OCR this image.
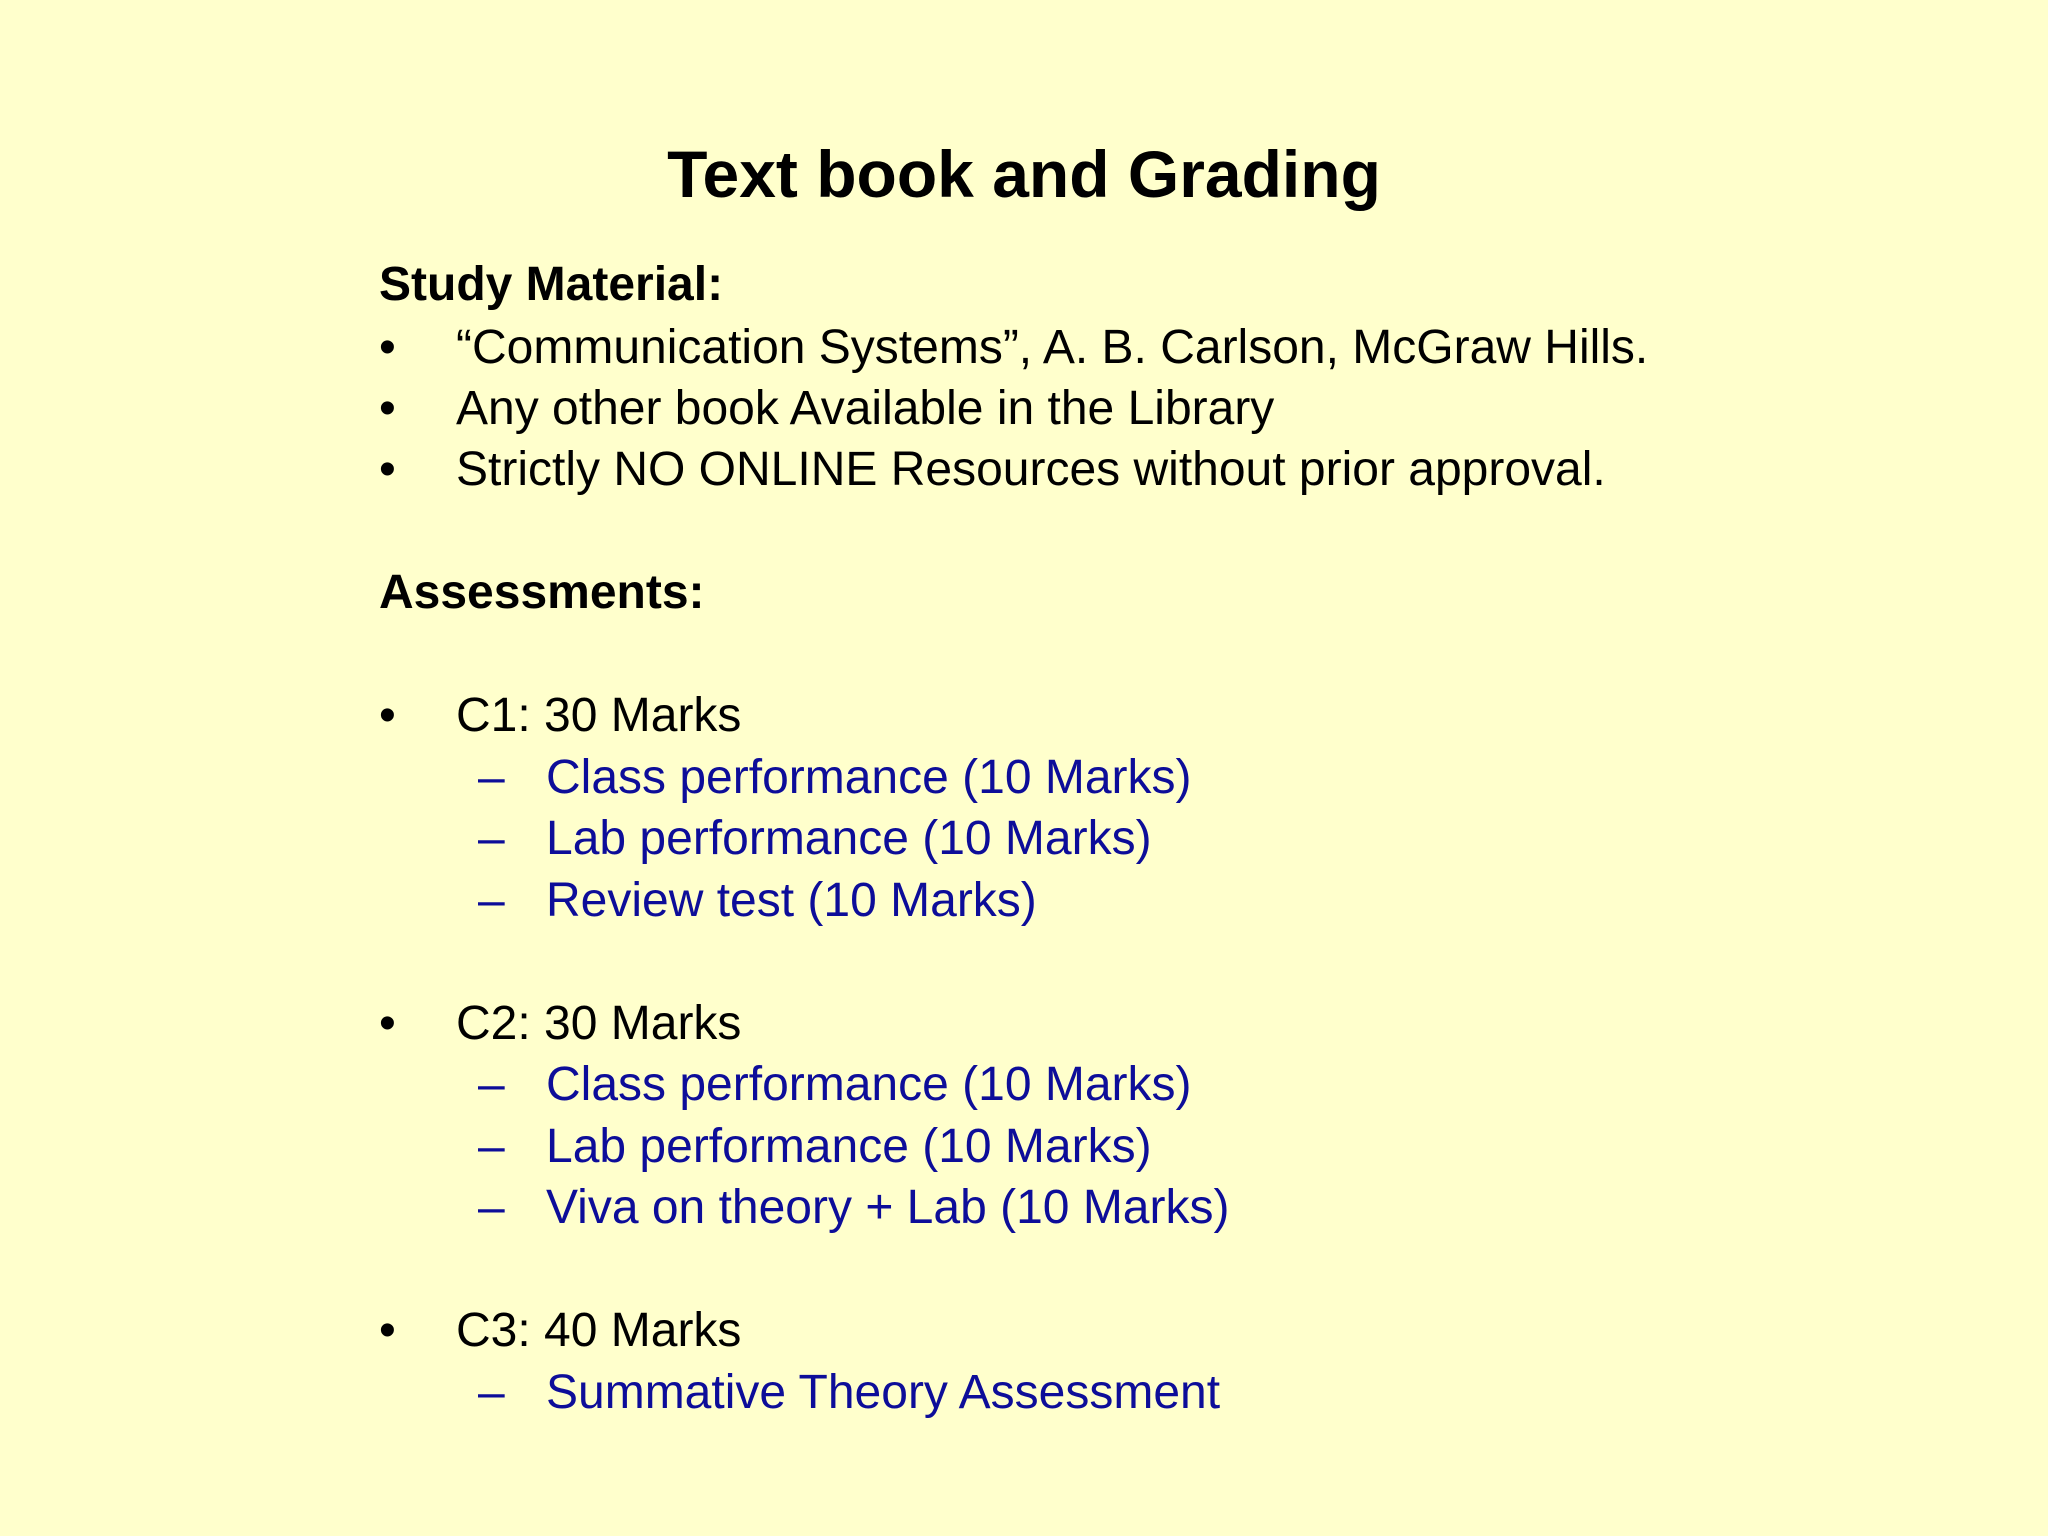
Text book and Grading
Study Material:
• “Communication Systems”, A. B. Carlson, McGraw Hills.
• Any other book Available in the Library
• Strictly NO ONLINE Resources without prior approval.
Assessments:
• C1: 30 Marks
– Class performance (10 Marks)
– Lab performance (10 Marks)
– Review test (10 Marks)
• C2: 30 Marks
– Class performance (10 Marks)
– Lab performance (10 Marks)
– Viva on theory + Lab (10 Marks)
• C3: 40 Marks
– Summative Theory Assessment
